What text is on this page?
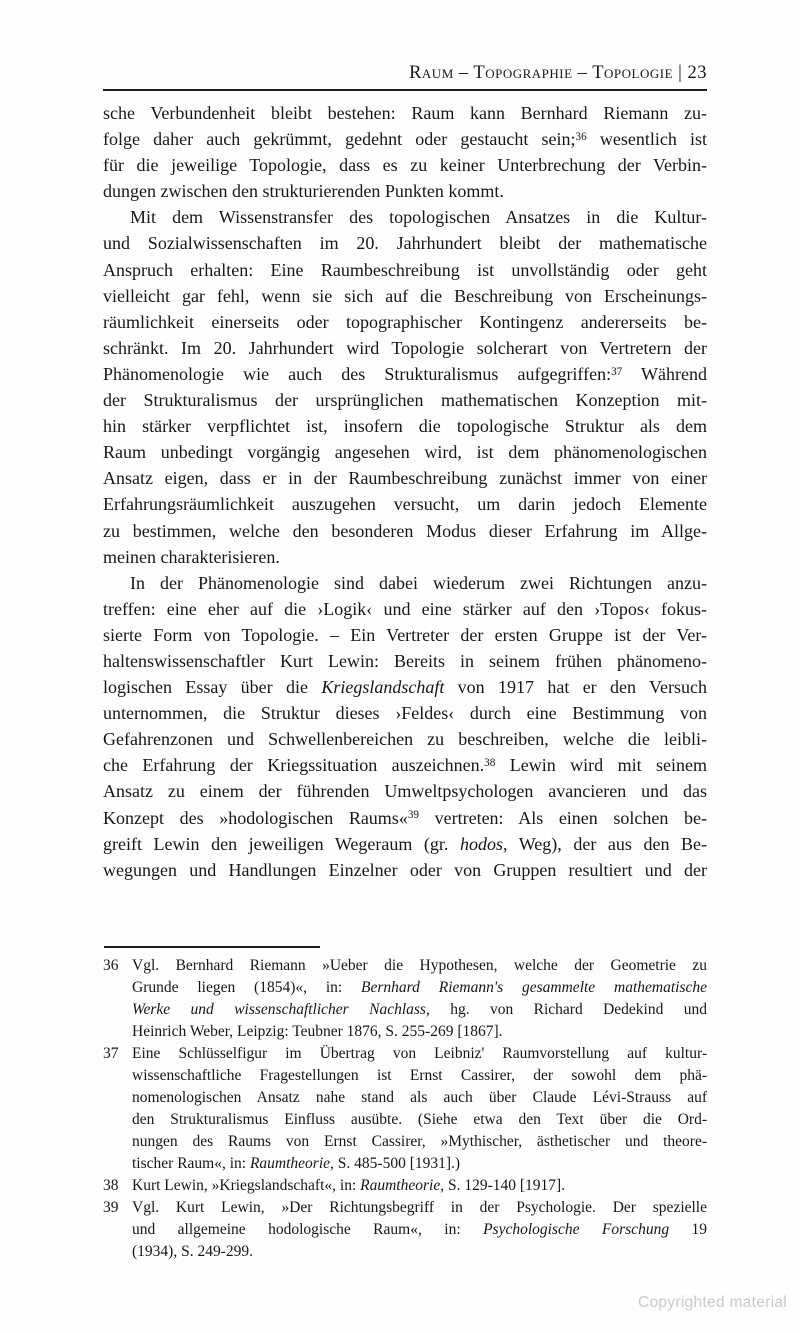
Raum – Topographie – Topologie | 23
sche Verbundenheit bleibt bestehen: Raum kann Bernhard Riemann zu-
folge daher auch gekrümmt, gedehnt oder gestaucht sein;$^{36}$ wesentlich ist
für die jeweilige Topologie, dass es zu keiner Unterbrechung der Verbin-
dungen zwischen den strukturierenden Punkten kommt.
Mit dem Wissenstransfer des topologischen Ansatzes in die Kultur-
und Sozialwissenschaften im 20. Jahrhundert bleibt der mathematische
Anspruch erhalten: Eine Raumbeschreibung ist unvollständig oder geht
vielleicht gar fehl, wenn sie sich auf die Beschreibung von Erscheinungs-
räumlichkeit einerseits oder topographischer Kontingenz andererseits be-
schränkt. Im 20. Jahrhundert wird Topologie solcherart von Vertretern der
Phänomenologie wie auch des Strukturalismus aufgegriffen:$^{37}$ Während
der Strukturalismus der ursprünglichen mathematischen Konzeption mit-
hin stärker verpflichtet ist, insofern die topologische Struktur als dem
Raum unbedingt vorgängig angesehen wird, ist dem phänomenologischen
Ansatz eigen, dass er in der Raumbeschreibung zunächst immer von einer
Erfahrungsräumlichkeit auszugehen versucht, um darin jedoch Elemente
zu bestimmen, welche den besonderen Modus dieser Erfahrung im Allge-
meinen charakterisieren.
In der Phänomenologie sind dabei wiederum zwei Richtungen anzu-
treffen: eine eher auf die ›Logik‹ und eine stärker auf den ›Topos‹ fokus-
sierte Form von Topologie. – Ein Vertreter der ersten Gruppe ist der Ver-
haltenswissenschaftler Kurt Lewin: Bereits in seinem frühen phänomeno-
logischen Essay über die Kriegslandschaft von 1917 hat er den Versuch
unternommen, die Struktur dieses ›Feldes‹ durch eine Bestimmung von
Gefahrenzonen und Schwellenbereichen zu beschreiben, welche die leibli-
che Erfahrung der Kriegssituation auszeichnen.$^{38}$ Lewin wird mit seinem
Ansatz zu einem der führenden Umweltpsychologen avancieren und das
Konzept des »hodologischen Raums«$^{39}$ vertreten: Als einen solchen be-
greift Lewin den jeweiligen Wegeraum (gr. hodos, Weg), der aus den Be-
wegungen und Handlungen Einzelner oder von Gruppen resultiert und der
36 Vgl. Bernhard Riemann »Ueber die Hypothesen, welche der Geometrie zu
Grunde liegen (1854)«, in: Bernhard Riemann's gesammelte mathematische
Werke und wissenschaftlicher Nachlass, hg. von Richard Dedekind und
Heinrich Weber, Leipzig: Teubner 1876, S. 255-269 [1867].
37 Eine Schlüsselfigur im Übertrag von Leibniz' Raumvorstellung auf kultur-
wissenschaftliche Fragestellungen ist Ernst Cassirer, der sowohl dem phä-
nomenologischen Ansatz nahe stand als auch über Claude Lévi-Strauss auf
den Strukturalismus Einfluss ausübte. (Siehe etwa den Text über die Ord-
nungen des Raums von Ernst Cassirer, »Mythischer, ästhetischer und theore-
tischer Raum«, in: Raumtheorie, S. 485-500 [1931].)
38 Kurt Lewin, »Kriegslandschaft«, in: Raumtheorie, S. 129-140 [1917].
39 Vgl. Kurt Lewin, »Der Richtungsbegriff in der Psychologie. Der spezielle
und allgemeine hodologische Raum«, in: Psychologische Forschung 19
(1934), S. 249-299.
Copyrighted material
